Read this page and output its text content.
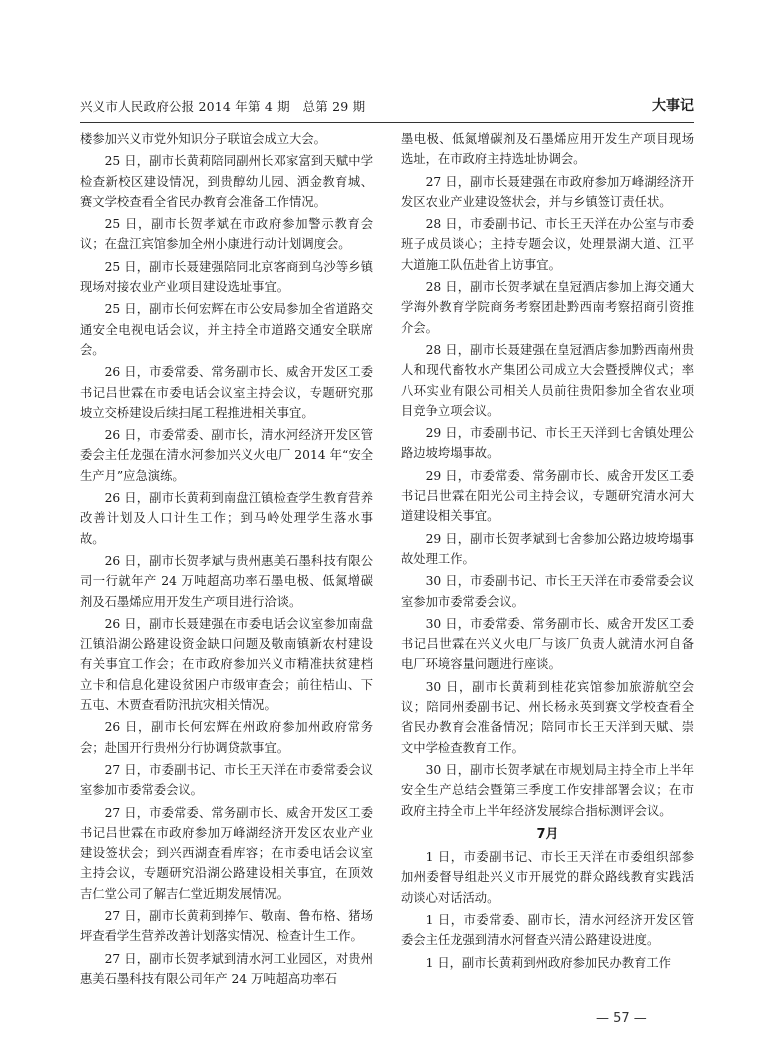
兴义市人民政府公报 2014 年第 4 期　总第 29 期	大事记

楼参加兴义市党外知识分子联谊会成立大会。

25 日，副市长黄莉陪同副州长邓家富到天赋中学检查新校区建设情况，到贵醇幼儿园、洒金教育城、赛文学校查看全省民办教育会准备工作情况。

25 日，副市长贺孝斌在市政府参加警示教育会议；在盘江宾馆参加全州小康进行动计划调度会。

25 日，副市长聂建强陪同北京客商到乌沙等乡镇现场对接农业产业项目建设选址事宜。

25 日，副市长何宏辉在市公安局参加全省道路交通安全电视电话会议，并主持全市道路交通安全联席会。

26 日，市委常委、常务副市长、威舍开发区工委书记吕世霖在市委电话会议室主持会议，专题研究那坡立交桥建设后续扫尾工程推进相关事宜。

26 日，市委常委、副市长，清水河经济开发区管委会主任龙强在清水河参加兴义火电厂 2014 年“安全生产月”应急演练。

26 日，副市长黄莉到南盘江镇检查学生教育营养改善计划及人口计生工作；到马岭处理学生落水事故。

26 日，副市长贺孝斌与贵州惠美石墨科技有限公司一行就年产 24 万吨超高功率石墨电极、低氮增碳剂及石墨烯应用开发生产项目进行洽谈。

26 日，副市长聂建强在市委电话会议室参加南盘江镇沿湖公路建设资金缺口问题及敬南镇新农村建设有关事宜工作会；在市政府参加兴义市精准扶贫建档立卡和信息化建设贫困户市级审查会；前往桔山、下五屯、木贾查看防汛抗灾相关情况。

26 日，副市长何宏辉在州政府参加州政府常务会；赴国开行贵州分行协调贷款事宜。

27 日，市委副书记、市长王天洋在市委常委会议室参加市委常委会议。

27 日，市委常委、常务副市长、威舍开发区工委书记吕世霖在市政府参加万峰湖经济开发区农业产业建设签状会；到兴西湖查看库容；在市委电话会议室主持会议，专题研究沿湖公路建设相关事宜，在顶效吉仁堂公司了解吉仁堂近期发展情况。

27 日，副市长黄莉到捧乍、敬南、鲁布格、猪场坪查看学生营养改善计划落实情况、检查计生工作。

27 日，副市长贺孝斌到清水河工业园区，对贵州惠美石墨科技有限公司年产 24 万吨超高功率石

墨电极、低氮增碳剂及石墨烯应用开发生产项目现场选址，在市政府主持选址协调会。

27 日，副市长聂建强在市政府参加万峰湖经济开发区农业产业建设签状会，并与乡镇签订责任状。

28 日，市委副书记、市长王天洋在办公室与市委班子成员谈心；主持专题会议，处理景湖大道、江平大道施工队伍赴省上访事宜。

28 日，副市长贺孝斌在皇冠酒店参加上海交通大学海外教育学院商务考察团赴黔西南考察招商引资推介会。

28 日，副市长聂建强在皇冠酒店参加黔西南州贵人和现代畜牧水产集团公司成立大会暨授牌仪式；率八环实业有限公司相关人员前往贵阳参加全省农业项目竞争立项会议。

29 日，市委副书记、市长王天洋到七舍镇处理公路边坡垮塌事故。

29 日，市委常委、常务副市长、威舍开发区工委书记吕世霖在阳光公司主持会议，专题研究清水河大道建设相关事宜。

29 日，副市长贺孝斌到七舍参加公路边坡垮塌事故处理工作。

30 日，市委副书记、市长王天洋在市委常委会议室参加市委常委会议。

30 日，市委常委、常务副市长、威舍开发区工委书记吕世霖在兴义火电厂与该厂负责人就清水河自备电厂环境容量问题进行座谈。

30 日，副市长黄莉到桂花宾馆参加旅游航空会议；陪同州委副书记、州长杨永英到赛文学校查看全省民办教育会准备情况；陪同市长王天洋到天赋、崇文中学检查教育工作。

30 日，副市长贺孝斌在市规划局主持全市上半年安全生产总结会暨第三季度工作安排部署会议；在市政府主持全市上半年经济发展综合指标测评会议。

7月

1 日，市委副书记、市长王天洋在市委组织部参加州委督导组赴兴义市开展党的群众路线教育实践活动谈心对话活动。

1 日，市委常委、副市长，清水河经济开发区管委会主任龙强到清水河督查兴清公路建设进度。

1 日，副市长黄莉到州政府参加民办教育工作

— 57 —
